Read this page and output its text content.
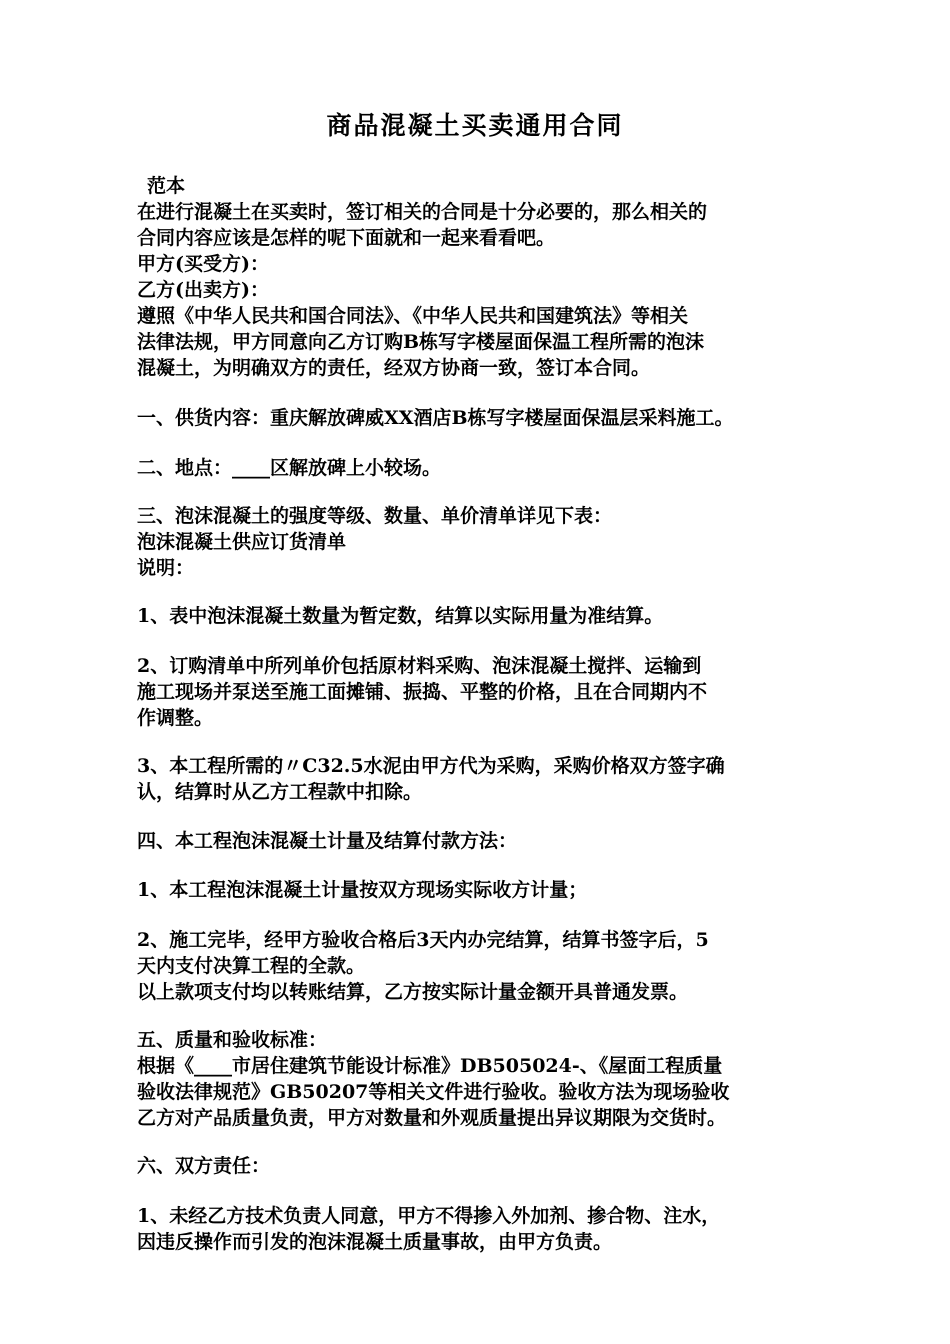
商品混凝土买卖通用合同
范本
在进行混凝土在买卖时，签订相关的合同是十分必要的，那么相关的
合同内容应该是怎样的呢下面就和一起来看看吧。
甲方(买受方)：
乙方(出卖方)：
遵照《中华人民共和国合同法》、《中华人民共和国建筑法》等相关
法律法规，甲方同意向乙方订购B栋写字楼屋面保温工程所需的泡沫
混凝土，为明确双方的责任，经双方协商一致，签订本合同。
一、供货内容：重庆解放碑威XX酒店B栋写字楼屋面保温层采料施工。
二、地点：____区解放碑上小较场。
三、泡沫混凝土的强度等级、数量、单价清单详见下表：
泡沫混凝土供应订货清单
说明：
1、表中泡沫混凝土数量为暂定数，结算以实际用量为准结算。
2、订购清单中所列单价包括原材料采购、泡沫混凝土搅拌、运输到
施工现场并泵送至施工面摊铺、振捣、平整的价格，且在合同期内不
作调整。
3、本工程所需的〃C32.5水泥由甲方代为采购，采购价格双方签字确
认，结算时从乙方工程款中扣除。
四、本工程泡沫混凝土计量及结算付款方法：
1、本工程泡沫混凝土计量按双方现场实际收方计量；
2、施工完毕，经甲方验收合格后3天内办完结算，结算书签字后，5
天内支付决算工程的全款。
以上款项支付均以转账结算，乙方按实际计量金额开具普通发票。
五、质量和验收标准：
根据《____市居住建筑节能设计标准》DB505024-、《屋面工程质量
验收法律规范》GB50207等相关文件进行验收。验收方法为现场验收
乙方对产品质量负责，甲方对数量和外观质量提出异议期限为交货时。
六、双方责任：
1、未经乙方技术负责人同意，甲方不得掺入外加剂、掺合物、注水，
因违反操作而引发的泡沫混凝土质量事故，由甲方负责。
